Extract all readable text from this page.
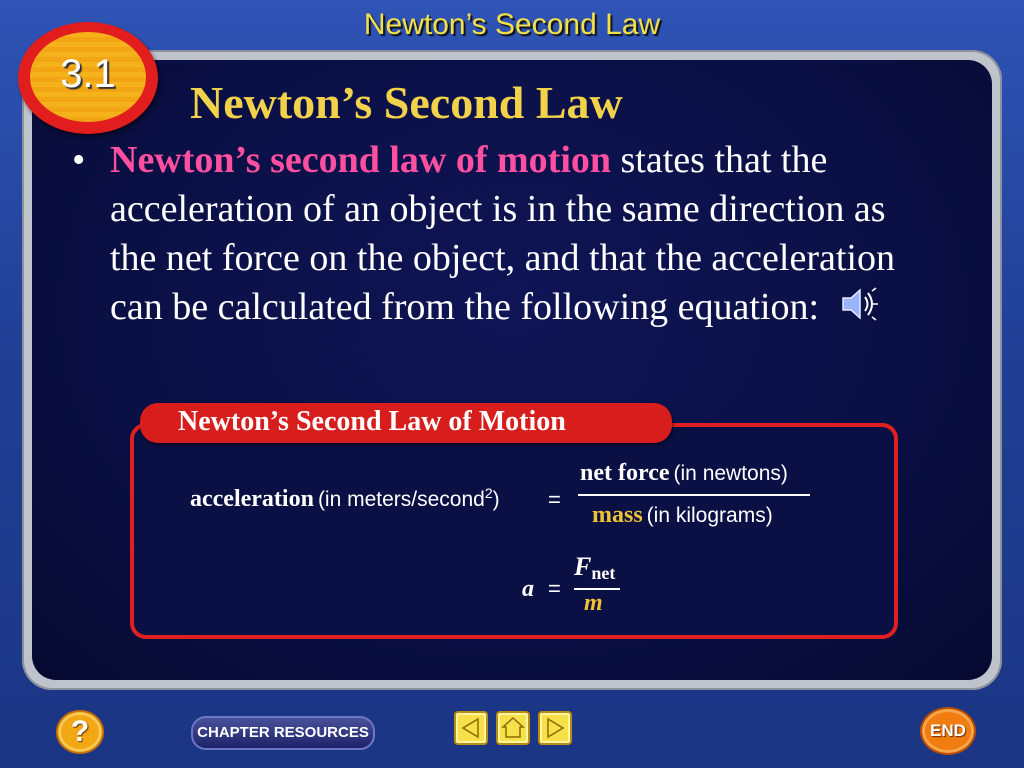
Newton’s Second Law
3.1
Newton’s Second Law
• Newton’s second law of motion states that the acceleration of an object is in the same direction as the net force on the object, and that the acceleration can be calculated from the following equation:
Newton’s Second Law of Motion
acceleration (in meters/second$^2$) =
net force (in newtons)
mass (in kilograms)
a =
$F_{net}$
m
?	CHAPTER RESOURCES	END
